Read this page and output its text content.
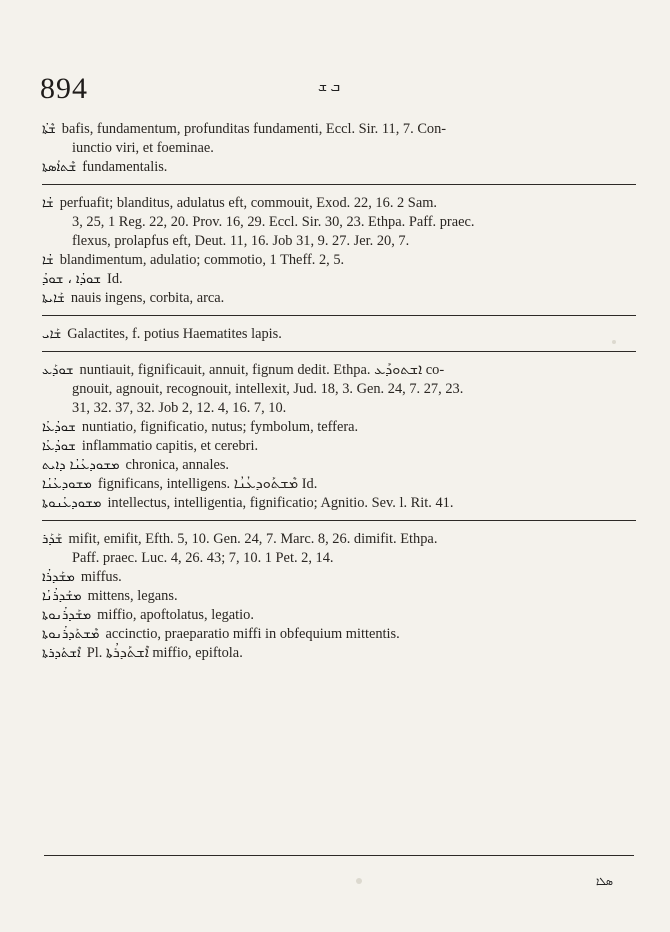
894	ܒ ܫ
ܫܶܬܐܳ bafis, fundamentum, profunditas fundamenti, Eccl. Sir. 11, 7. Con-
iunctio viri, et foeminae.
ܫܶܬܐܳܣܬܐ fundamentalis.
ܫܳܐ perfuafit; blanditus, adulatus eft, commouit, Exod. 22, 16. 2 Sam.
3, 25, 1 Reg. 22, 20. Prov. 16, 29. Eccl. Sir. 30, 23. Ethpa. Paff. praec.
flexus, prolapfus eft, Deut. 11, 16. Job 31, 9. 27. Jer. 20, 7.
ܫܳܐ blandimentum, adulatio; commotio, 1 Theff. 2, 5.
ܫܘܕܳܐ ، ܫܘܕܳ Id.
ܫܰܐܝܬܐ nauis ingens, corbita, arca.
ܫܰܐܝ Galactites, f. potius Haematites lapis.
ܫܘܕܰܥ nuntiauit, fignificauit, annuit, fignum dedit. Ethpa. ܐܫܬܘܕܰܥ co-
gnouit, agnouit, recognouit, intellexit, Jud. 18, 3. Gen. 24, 7. 27, 23.
31, 32. 37, 32. Job 2, 12. 4, 16. 7, 10.
ܫܘܕܳܥܳܐ nuntiatio, fignificatio, nutus; fymbolum, teffera.
ܫܘܕܳܥܳܐ inflammatio capitis, et cerebri.
ܡܫܘܕܥܳܢܳܐ ܕܐܝܬ chronica, annales.
ܡܫܘܕܥܳܢܳܐ fignificans, intelligens. ܡܶܫܬܰܘܕܥܳܢܳܐ Id.
ܡܫܘܕܥܳܢܘܬܐ intellectus, intelligentia, fignificatio; Agnitio. Sev. l. Rit. 41.
ܫܰܕܰܪ mifit, emifit, Efth. 5, 10. Gen. 24, 7. Marc. 8, 26. dimifit. Ethpa.
Paff. praec. Luc. 4, 26. 43; 7, 10. 1 Pet. 2, 14.
ܡܫܰܕܪܳܐ miffus.
ܡܫܰܕܪܳܢܳܐ mittens, legans.
ܡܫܰܕܪܳܢܘܬܐ miffio, apoftolatus, legatio.
ܡܶܫܬܰܕܪܳܢܘܬܐ accinctio, praeparatio miffi in obfequium mittentis.
ܐܶܫܬܰܕܪܬܐ Pl. ܐܶܫܬܰܕܪܳܬܐ miffio, epiftola.
ܣܠܐ
